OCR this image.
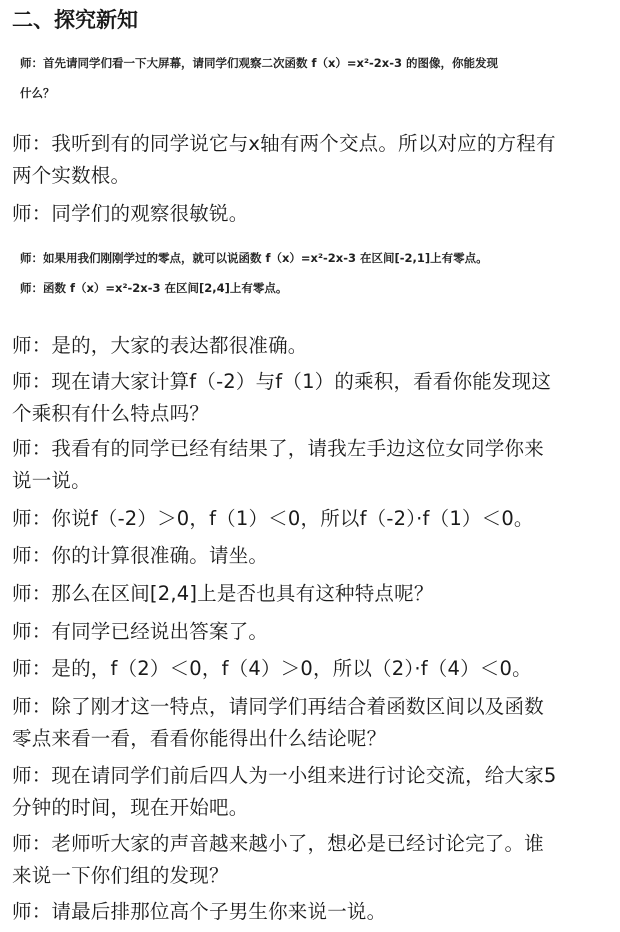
二、探究新知
师：首先请同学们看一下大屏幕，请同学们观察二次函数 f（x）=x²-2x-3 的图像，你能发现
什么？
师：我听到有的同学说它与x轴有两个交点。所以对应的方程有
两个实数根。
师：同学们的观察很敏锐。
师：如果用我们刚刚学过的零点，就可以说函数 f（x）=x²-2x-3 在区间[-2,1]上有零点。
师：函数 f（x）=x²-2x-3 在区间[2,4]上有零点。
师：是的，大家的表达都很准确。
师：现在请大家计算f（-2）与f（1）的乘积，看看你能发现这
个乘积有什么特点吗？
师：我看有的同学已经有结果了，请我左手边这位女同学你来
说一说。
师：你说f（-2）＞0，f（1）＜0，所以f（-2）·f（1）＜0。
师：你的计算很准确。请坐。
师：那么在区间[2,4]上是否也具有这种特点呢？
师：有同学已经说出答案了。
师：是的，f（2）＜0，f（4）＞0，所以（2）·f（4）＜0。
师：除了刚才这一特点，请同学们再结合着函数区间以及函数
零点来看一看，看看你能得出什么结论呢？
师：现在请同学们前后四人为一小组来进行讨论交流，给大家5
分钟的时间，现在开始吧。
师：老师听大家的声音越来越小了，想必是已经讨论完了。谁
来说一下你们组的发现？
师：请最后排那位高个子男生你来说一说。
